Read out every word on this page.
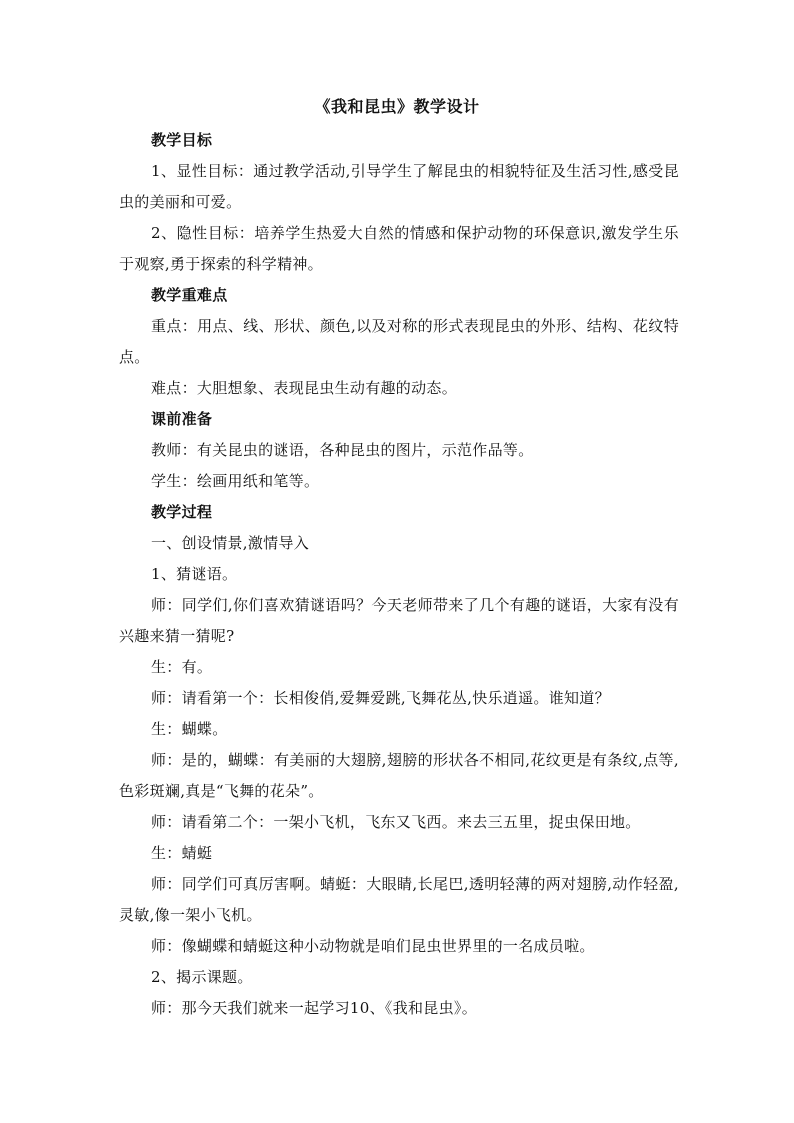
《我和昆虫》教学设计

教学目标

1、显性目标：通过教学活动,引导学生了解昆虫的相貌特征及生活习性,感受昆虫的美丽和可爱。

2、隐性目标：培养学生热爱大自然的情感和保护动物的环保意识,激发学生乐于观察,勇于探索的科学精神。

教学重难点

重点：用点、线、形状、颜色,以及对称的形式表现昆虫的外形、结构、花纹特点。

难点：大胆想象、表现昆虫生动有趣的动态。

课前准备

教师：有关昆虫的谜语，各种昆虫的图片，示范作品等。

学生：绘画用纸和笔等。

教学过程

一、创设情景,激情导入

1、猜谜语。

师：同学们,你们喜欢猜谜语吗？今天老师带来了几个有趣的谜语，大家有没有兴趣来猜一猜呢?

生：有。

师：请看第一个：长相俊俏,爱舞爱跳,飞舞花丛,快乐逍遥。谁知道？

生：蝴蝶。

师：是的，蝴蝶：有美丽的大翅膀,翅膀的形状各不相同,花纹更是有条纹,点等,色彩斑斓,真是“飞舞的花朵”。

师：请看第二个：一架小飞机，飞东又飞西。来去三五里，捉虫保田地。

生：蜻蜓

师：同学们可真厉害啊。蜻蜓：大眼睛,长尾巴,透明轻薄的两对翅膀,动作轻盈,灵敏,像一架小飞机。

师：像蝴蝶和蜻蜓这种小动物就是咱们昆虫世界里的一名成员啦。

2、揭示课题。

师：那今天我们就来一起学习10、《我和昆虫》。
